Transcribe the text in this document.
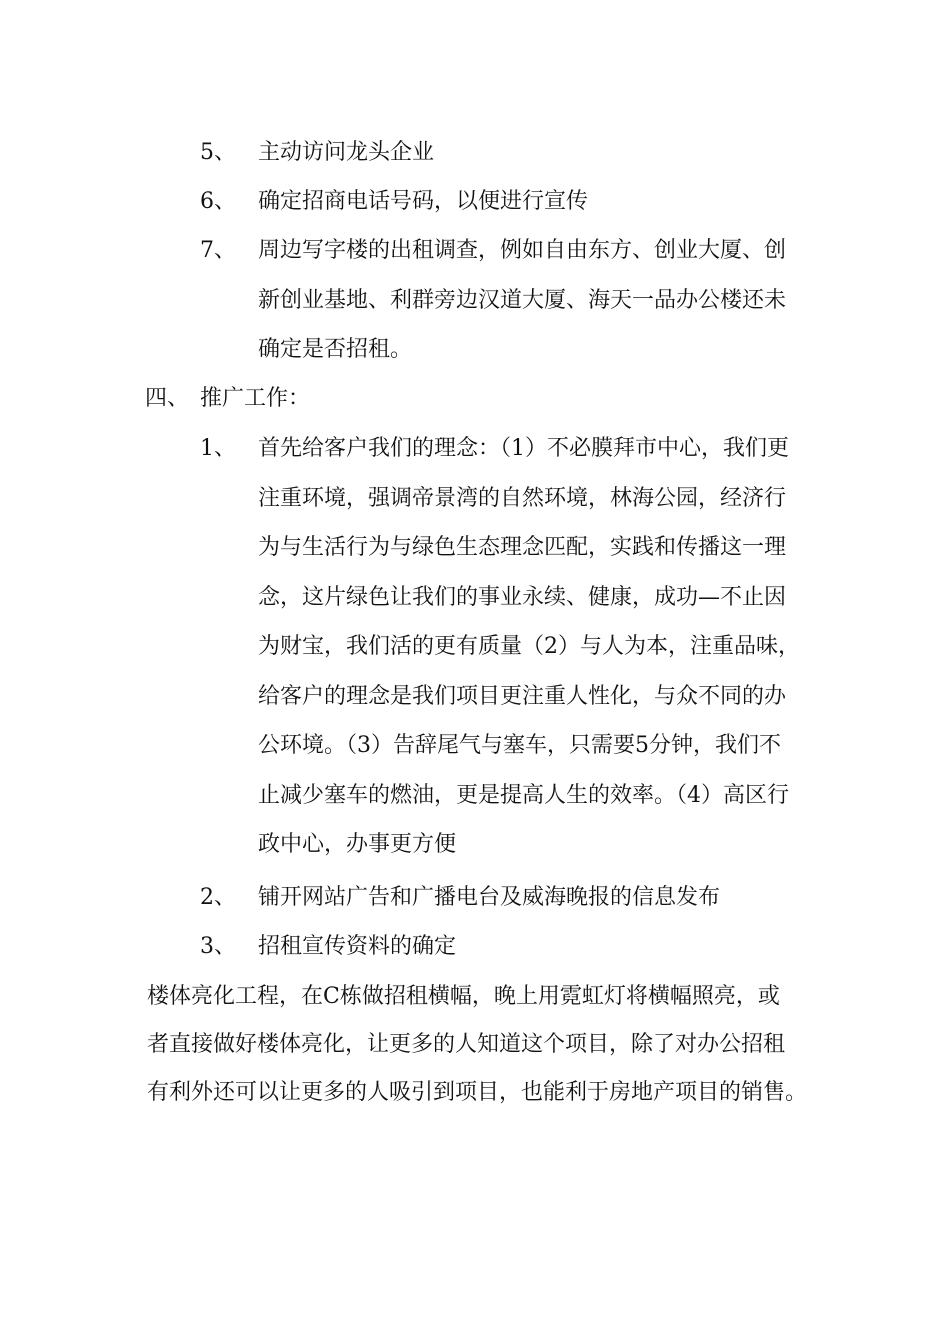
5、 主动访问龙头企业
6、 确定招商电话号码，以便进行宣传
7、 周边写字楼的出租调查，例如自由东方、创业大厦、创
新创业基地、利群旁边汉道大厦、海天一品办公楼还未
确定是否招租。
四、 推广工作：
1、 首先给客户我们的理念：（1）不必膜拜市中心，我们更
注重环境，强调帝景湾的自然环境，林海公园，经济行
为与生活行为与绿色生态理念匹配，实践和传播这一理
念，这片绿色让我们的事业永续、健康，成功—不止因
为财宝，我们活的更有质量（2）与人为本，注重品味，
给客户的理念是我们项目更注重人性化，与众不同的办
公环境。（3）告辞尾气与塞车，只需要5分钟，我们不
止减少塞车的燃油，更是提高人生的效率。（4）高区行
政中心，办事更方便
2、 铺开网站广告和广播电台及威海晚报的信息发布
3、 招租宣传资料的确定
楼体亮化工程，在C栋做招租横幅，晚上用霓虹灯将横幅照亮，或
者直接做好楼体亮化，让更多的人知道这个项目，除了对办公招租
有利外还可以让更多的人吸引到项目，也能利于房地产项目的销售。
